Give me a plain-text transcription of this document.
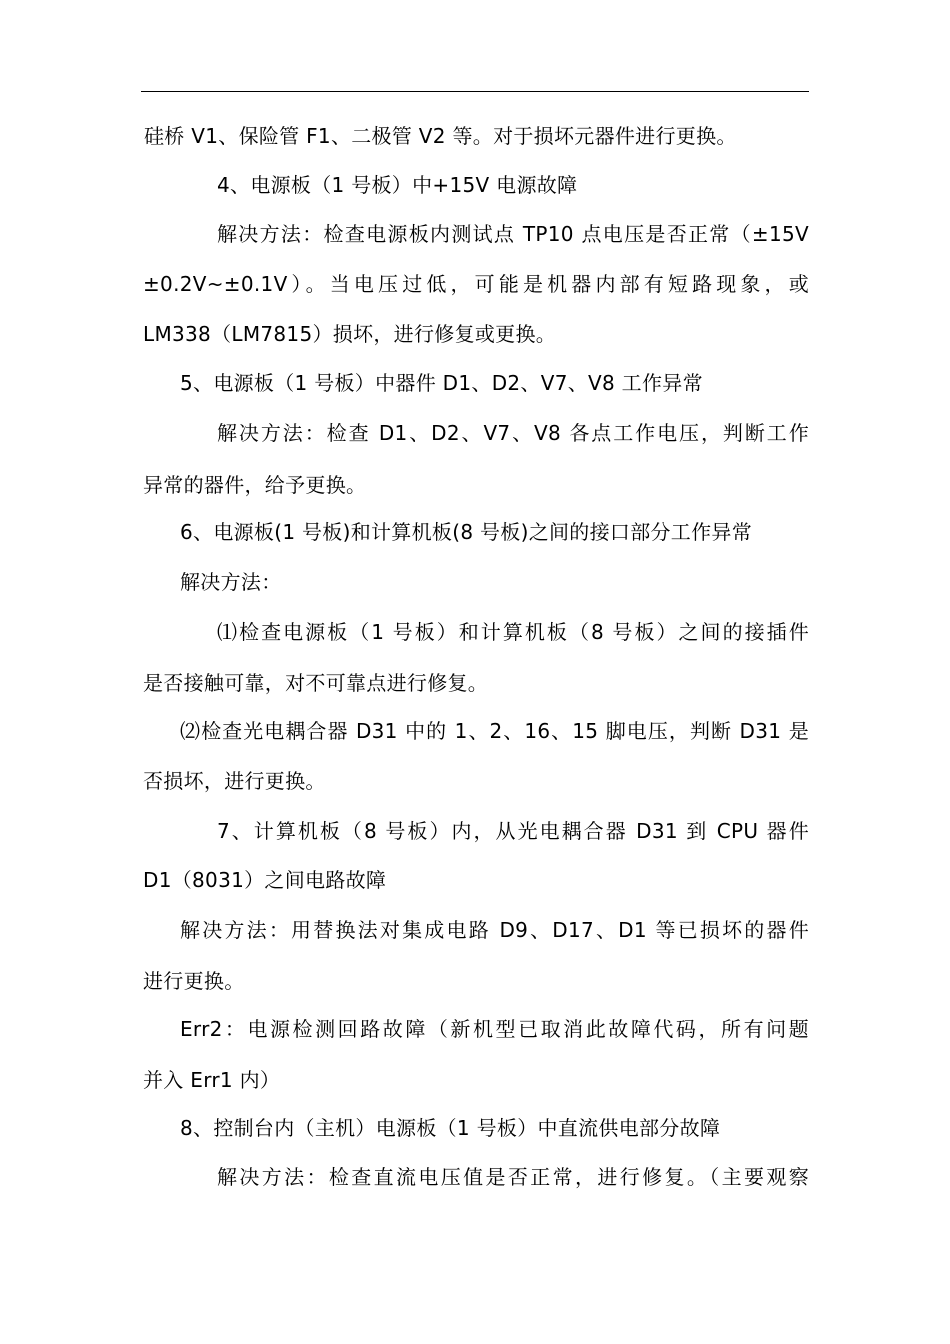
硅桥 V1、保险管 F1、二极管 V2 等。对于损坏元器件进行更换。
4、电源板（1 号板）中+15V 电源故障
解决方法：检查电源板内测试点 TP10 点电压是否正常（±15V
±0.2V~±0.1V）。当电压过低，可能是机器内部有短路现象，或
LM338（LM7815）损坏，进行修复或更换。
5、电源板（1 号板）中器件 D1、D2、V7、V8 工作异常
解决方法：检查 D1、D2、V7、V8 各点工作电压，判断工作
异常的器件，给予更换。
6、电源板(1 号板)和计算机板(8 号板)之间的接口部分工作异常
解决方法：
⑴检查电源板（1 号板）和计算机板（8 号板）之间的接插件
是否接触可靠，对不可靠点进行修复。
⑵检查光电耦合器 D31 中的 1、2、16、15 脚电压，判断 D31 是
否损坏，进行更换。
7、计算机板（8 号板）内，从光电耦合器 D31 到 CPU 器件
D1（8031）之间电路故障
解决方法：用替换法对集成电路 D9、D17、D1 等已损坏的器件
进行更换。
Err2：电源检测回路故障（新机型已取消此故障代码，所有问题
并入 Err1 内）
8、控制台内（主机）电源板（1 号板）中直流供电部分故障
解决方法：检查直流电压值是否正常，进行修复。（主要观察
